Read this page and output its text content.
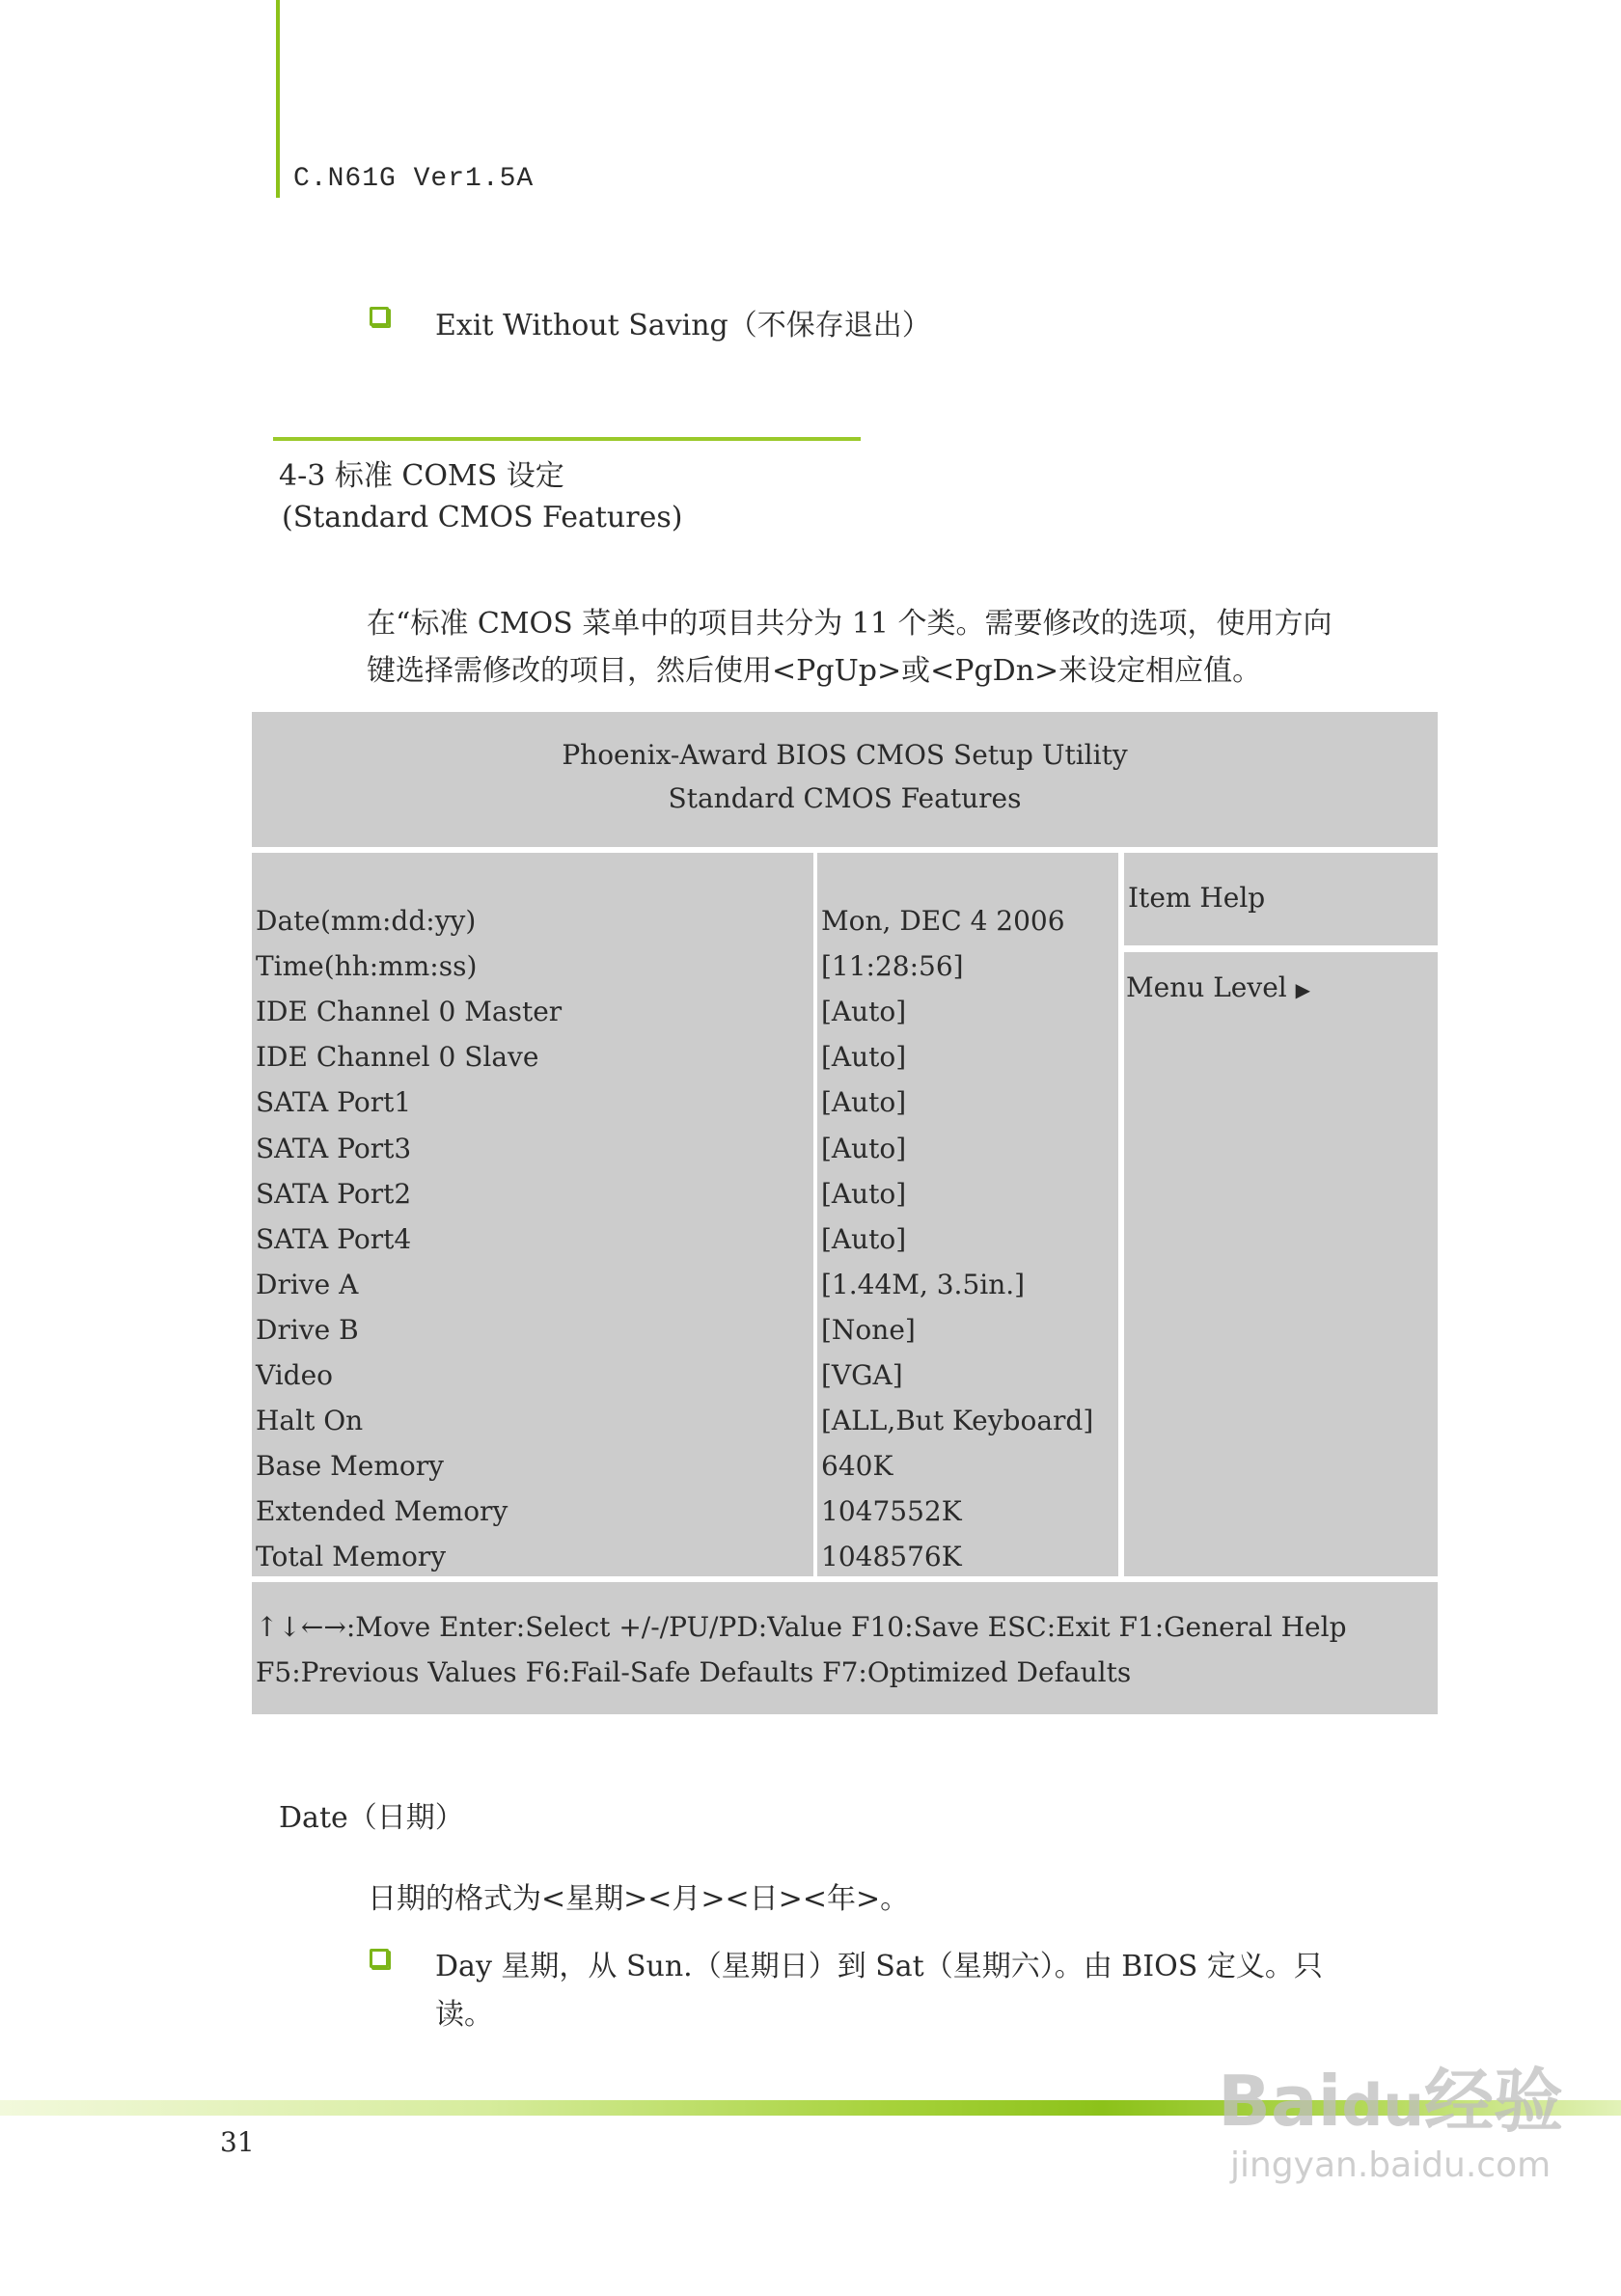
C.N61G Ver1.5A
Exit Without Saving（不保存退出）
4-3 标准 COMS 设定
(Standard CMOS Features)
在“标准 CMOS 菜单中的项目共分为 11 个类。需要修改的选项，使用方向
键选择需修改的项目，然后使用<PgUp>或<PgDn>来设定相应值。
Phoenix-Award BIOS CMOS Setup Utility
Standard CMOS Features
Date(mm:dd:yy)
Time(hh:mm:ss)
IDE Channel 0 Master
IDE Channel 0 Slave
SATA Port1
SATA Port3
SATA Port2
SATA Port4
Drive A
Drive B
Video
Halt On
Base Memory
Extended Memory
Total Memory
Mon, DEC 4 2006
[11:28:56]
[Auto]
[Auto]
[Auto]
[Auto]
[Auto]
[Auto]
[1.44M, 3.5in.]
[None]
[VGA]
[ALL,But Keyboard]
640K
1047552K
1048576K
Item Help
Menu Level ▶
↑↓←→:Move Enter:Select +/-/PU/PD:Value F10:Save ESC:Exit F1:General Help
F5:Previous Values F6:Fail-Safe Defaults F7:Optimized Defaults
Date（日期）
日期的格式为<星期><月><日><年>。
Day 星期，从 Sun.（星期日）到 Sat（星期六）。由 BIOS 定义。只
读。
31
Baidu经验
jingyan.baidu.com
